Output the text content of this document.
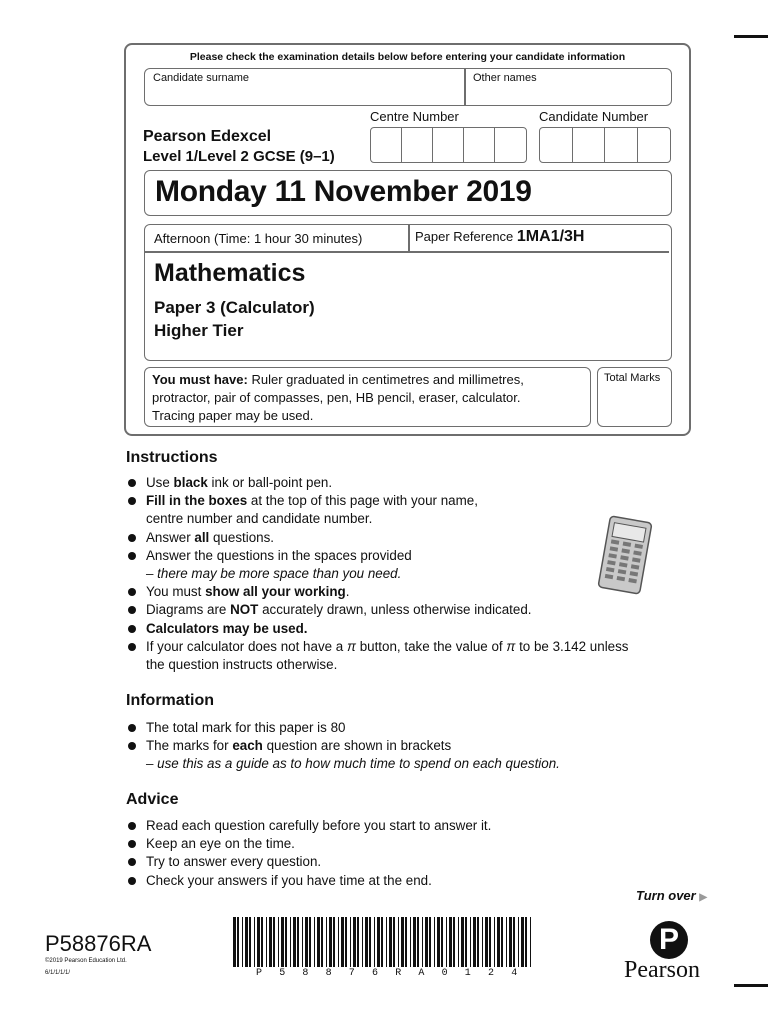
Please check the examination details below before entering your candidate information
Candidate surname	Other names
Centre Number	Candidate Number
Pearson Edexcel
Level 1/Level 2 GCSE (9–1)
Monday 11 November 2019
Afternoon (Time: 1 hour 30 minutes)	Paper Reference 1MA1/3H
Mathematics
Paper 3 (Calculator)
Higher Tier
You must have: Ruler graduated in centimetres and millimetres,
protractor, pair of compasses, pen, HB pencil, eraser, calculator.
Tracing paper may be used.
Total Marks
Instructions
Use black ink or ball-point pen.
Fill in the boxes at the top of this page with your name,
centre number and candidate number.
Answer all questions.
Answer the questions in the spaces provided
– there may be more space than you need.
You must show all your working.
Diagrams are NOT accurately drawn, unless otherwise indicated.
Calculators may be used.
If your calculator does not have a π button, take the value of π to be 3.142 unless
the question instructs otherwise.
Information
The total mark for this paper is 80
The marks for each question are shown in brackets
– use this as a guide as to how much time to spend on each question.
Advice
Read each question carefully before you start to answer it.
Keep an eye on the time.
Try to answer every question.
Check your answers if you have time at the end.
Turn over ▶
P58876RA
©2019 Pearson Education Ltd.
6/1/1/1/1/	P58876RA0124
P
Pearson
